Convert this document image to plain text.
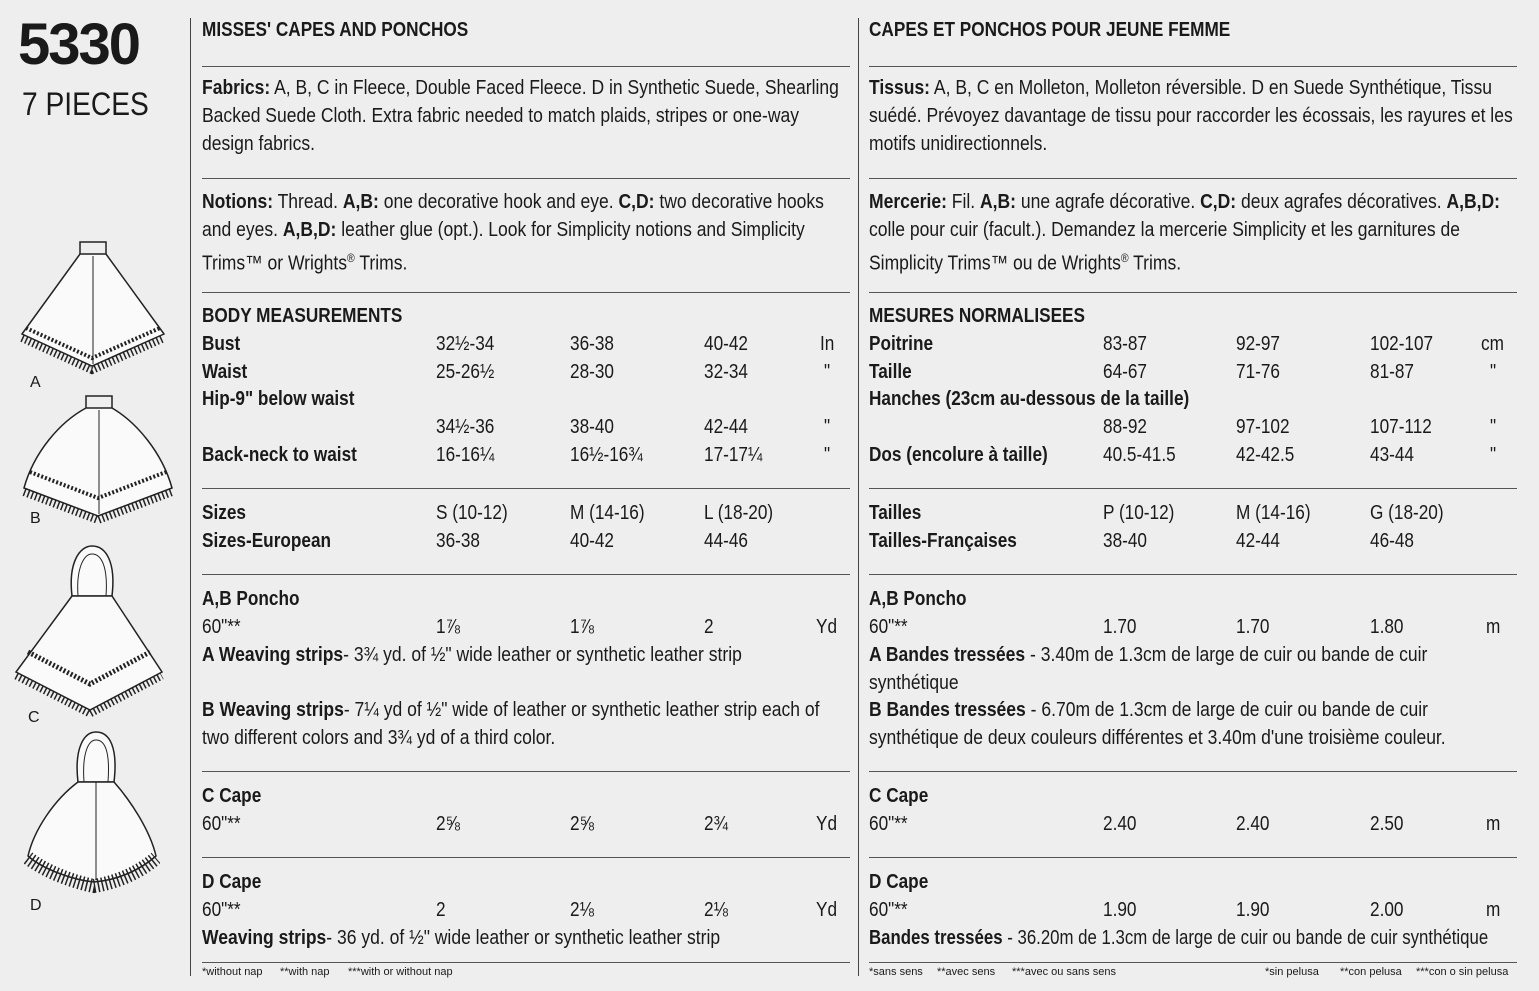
5330
7 PIECES
A
B
C
D
MISSES' CAPES AND PONCHOS
Fabrics: A, B, C in Fleece, Double Faced Fleece. D in Synthetic Suede, Shearling Backed Suede Cloth. Extra fabric needed to match plaids, stripes or one-way design fabrics.
Notions: Thread. A,B: one decorative hook and eye. C,D: two decorative hooks and eyes. A,B,D: leather glue (opt.). Look for Simplicity notions and Simplicity Trims™ or Wrights® Trims.
BODY MEASUREMENTS
Bust	32½-34	36-38	40-42	In
Waist	25-26½	28-30	32-34	"
Hip-9" below waist
34½-36	38-40	42-44	"
Back-neck to waist	16-16¼	16½-16¾	17-17¼	"
Sizes	S (10-12)	M (14-16)	L (18-20)
Sizes-European	36-38	40-42	44-46
A,B Poncho
60"**	1⅞	1⅞	2	Yd
A Weaving strips- 3¾ yd. of ½" wide leather or synthetic leather strip
B Weaving strips- 7¼ yd of ½" wide of leather or synthetic leather strip each of two different colors and 3¾ yd of a third color.
C Cape
60"**	2⅝	2⅝	2¾	Yd
D Cape
60"**	2	2⅛	2⅛	Yd
Weaving strips- 36 yd. of ½" wide leather or synthetic leather strip
*without nap **with nap ***with or without nap
CAPES ET PONCHOS POUR JEUNE FEMME
Tissus: A, B, C en Molleton, Molleton réversible. D en Suede Synthétique, Tissu suédé. Prévoyez davantage de tissu pour raccorder les écossais, les rayures et les motifs unidirectionnels.
Mercerie: Fil. A,B: une agrafe décorative. C,D: deux agrafes décoratives. A,B,D: colle pour cuir (facult.). Demandez la mercerie Simplicity et les garnitures de Simplicity Trims™ ou de Wrights® Trims.
MESURES NORMALISEES
Poitrine	83-87	92-97	102-107	cm
Taille	64-67	71-76	81-87	"
Hanches (23cm au-dessous de la taille)
88-92	97-102	107-112	"
Dos (encolure à taille)	40.5-41.5	42-42.5	43-44	"
Tailles	P (10-12)	M (14-16)	G (18-20)
Tailles-Françaises	38-40	42-44	46-48
A,B Poncho
60"**	1.70	1.70	1.80	m
A Bandes tressées - 3.40m de 1.3cm de large de cuir ou bande de cuir synthétique
B Bandes tressées - 6.70m de 1.3cm de large de cuir ou bande de cuir synthétique de deux couleurs différentes et 3.40m d'une troisième couleur.
C Cape
60"**	2.40	2.40	2.50	m
D Cape
60"**	1.90	1.90	2.00	m
Bandes tressées - 36.20m de 1.3cm de large de cuir ou bande de cuir synthétique
*sans sens **avec sens ***avec ou sans sens	*sin pelusa **con pelusa ***con o sin pelusa
